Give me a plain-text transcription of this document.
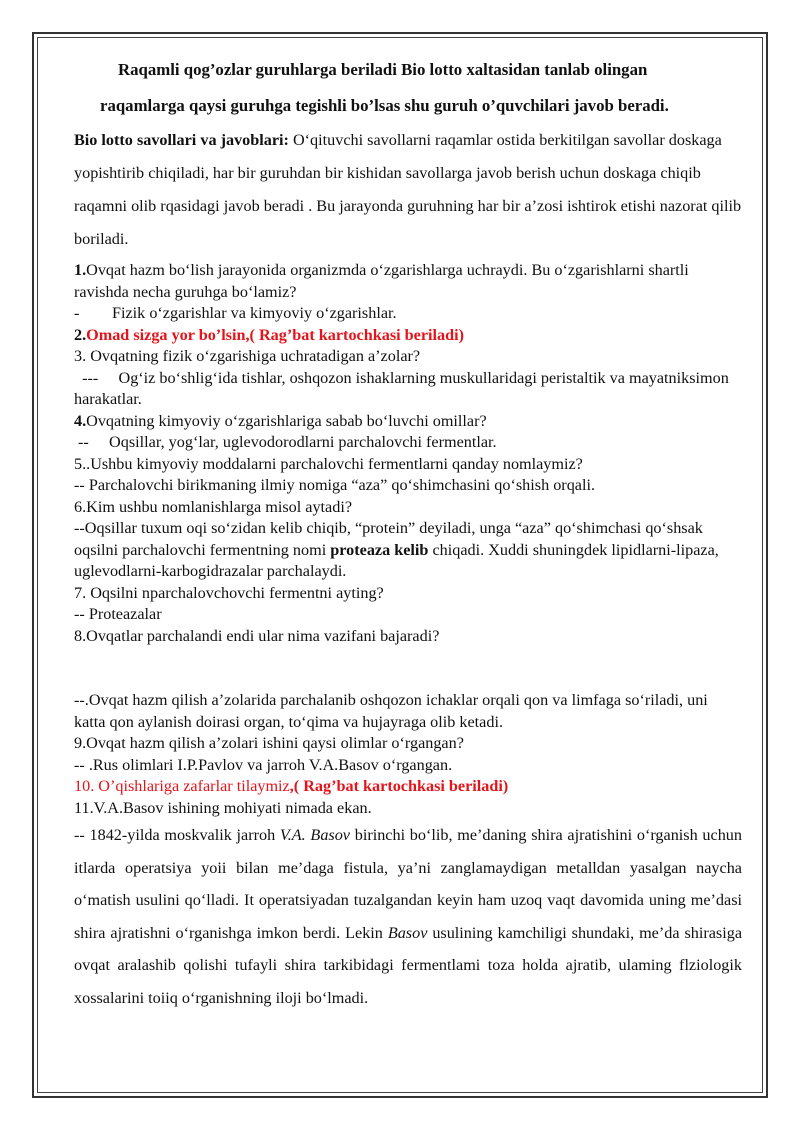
Raqamli qog’ozlar guruhlarga beriladi Bio lotto xaltasidan tanlab olingan
raqamlarga qaysi guruhga tegishli bo’lsas shu guruh o’quvchilari javob beradi.

Bio lotto savollari va javoblari: O‘qituvchi savollarni raqamlar ostida berkitilgan savollar doskaga yopishtirib chiqiladi, har bir guruhdan bir kishidan savollarga javob berish uchun doskaga chiqib raqamni olib rqasidagi javob beradi . Bu jarayonda guruhning har bir a’zosi ishtirok etishi nazorat qilib boriladi.

1.Ovqat hazm bo‘lish jarayonida organizmda o‘zgarishlarga uchraydi. Bu o‘zgarishlarni shartli ravishda necha guruhga bo‘lamiz?

- Fizik o‘zgarishlar va kimyoviy o‘zgarishlar.

2.Omad sizga yor bo’lsin,( Rag’bat kartochkasi beriladi)

3. Ovqatning fizik o‘zgarishiga uchratadigan a’zolar?

---     Og‘iz bo‘shlig‘ida tishlar, oshqozon ishaklarning muskullaridagi peristaltik va mayatniksimon harakatlar.

4.Ovqatning kimyoviy o‘zgarishlariga sabab bo‘luvchi omillar?

--     Oqsillar, yog‘lar, uglevodorodlarni parchalovchi fermentlar.

5..Ushbu kimyoviy moddalarni parchalovchi fermentlarni qanday nomlaymiz?

-- Parchalovchi birikmaning ilmiy nomiga “aza” qo‘shimchasini qo‘shish orqali.

6.Kim ushbu nomlanishlarga misol aytadi?

--Oqsillar tuxum oqi so‘zidan kelib chiqib, “protein” deyiladi, unga “aza” qo‘shimchasi qo‘shsak oqsilni parchalovchi fermentning nomi proteaza kelib chiqadi. Xuddi shuningdek lipidlarni-lipaza, uglevodlarni-karbogidrazalar parchalaydi.

7. Oqsilni nparchalovchovchi fermentni ayting?

-- Proteazalar

8.Ovqatlar parchalandi endi ular nima vazifani bajaradi?

--.Ovqat hazm qilish a’zolarida parchalanib oshqozon ichaklar orqali qon va limfaga so‘riladi, uni katta qon aylanish doirasi organ, to‘qima va hujayraga olib ketadi.

9.Ovqat hazm qilish a’zolari ishini qaysi olimlar o‘rgangan?

-- .Rus olimlari I.P.Pavlov va jarroh V.A.Basov o‘rgangan.

10. O’qishlariga zafarlar tilaymiz,( Rag’bat kartochkasi beriladi)

11.V.A.Basov ishining mohiyati nimada ekan.

-- 1842-yilda moskvalik jarroh V.A. Basov birinchi bo‘lib, me’daning shira ajratishini o‘rganish uchun itlarda operatsiya yoii bilan me’daga fistula, ya’ni zanglamaydigan metalldan yasalgan naycha o‘matish usulini qo‘lladi. It operatsiyadan tuzalgandan keyin ham uzoq vaqt davomida uning me’dasi shira ajratishni o‘rganishga imkon berdi. Lekin Basov usulining kamchiligi shundaki, me’da shirasiga ovqat aralashib qolishi tufayli shira tarkibidagi fermentlami toza holda ajratib, ulaming flziologik xossalarini toiiq o‘rganishning iloji bo‘lmadi.
